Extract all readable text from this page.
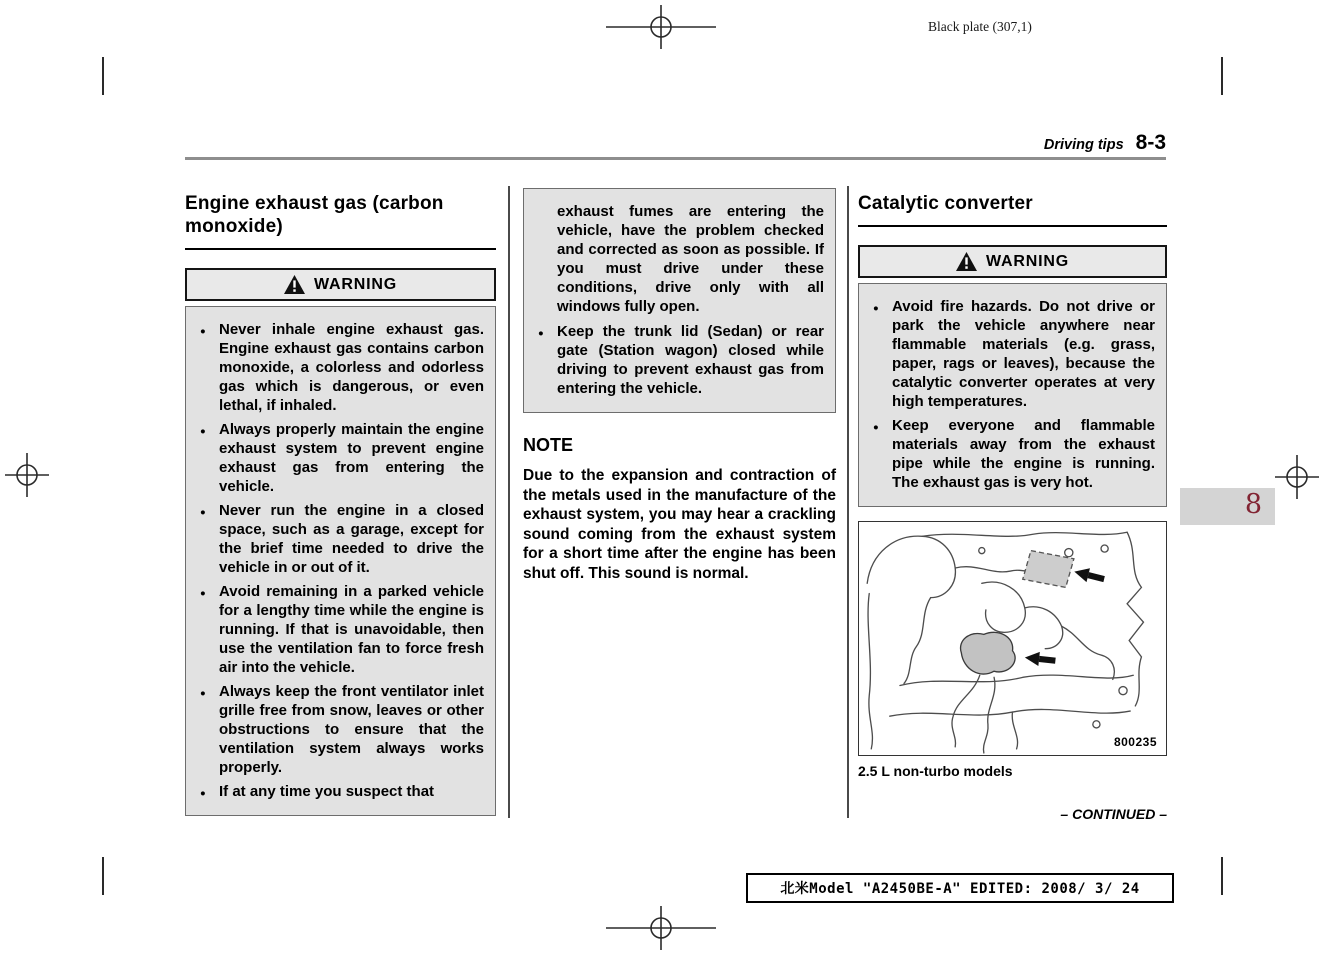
Black plate (307,1)
Driving tips 8-3
Engine exhaust gas (carbon monoxide)
WARNING
● Never inhale engine exhaust gas. Engine exhaust gas contains carbon monoxide, a colorless and odorless gas which is dangerous, or even lethal, if inhaled.
● Always properly maintain the engine exhaust system to prevent engine exhaust gas from entering the vehicle.
● Never run the engine in a closed space, such as a garage, except for the brief time needed to drive the vehicle in or out of it.
● Avoid remaining in a parked vehicle for a lengthy time while the engine is running. If that is unavoidable, then use the ventilation fan to force fresh air into the vehicle.
● Always keep the front ventilator inlet grille free from snow, leaves or other obstructions to ensure that the ventilation system always works properly.
● If at any time you suspect that
exhaust fumes are entering the vehicle, have the problem checked and corrected as soon as possible. If you must drive under these conditions, drive only with all windows fully open.
● Keep the trunk lid (Sedan) or rear gate (Station wagon) closed while driving to prevent exhaust gas from entering the vehicle.
NOTE
Due to the expansion and contraction of the metals used in the manufacture of the exhaust system, you may hear a crackling sound coming from the exhaust system for a short time after the engine has been shut off. This sound is normal.
Catalytic converter
WARNING
● Avoid fire hazards. Do not drive or park the vehicle anywhere near flammable materials (e.g. grass, paper, rags or leaves), because the catalytic converter operates at very high temperatures.
● Keep everyone and flammable materials away from the exhaust pipe while the engine is running. The exhaust gas is very hot.
800235
2.5 L non-turbo models
– CONTINUED –
北米Model "A2450BE-A" EDITED: 2008/ 3/ 24
8
